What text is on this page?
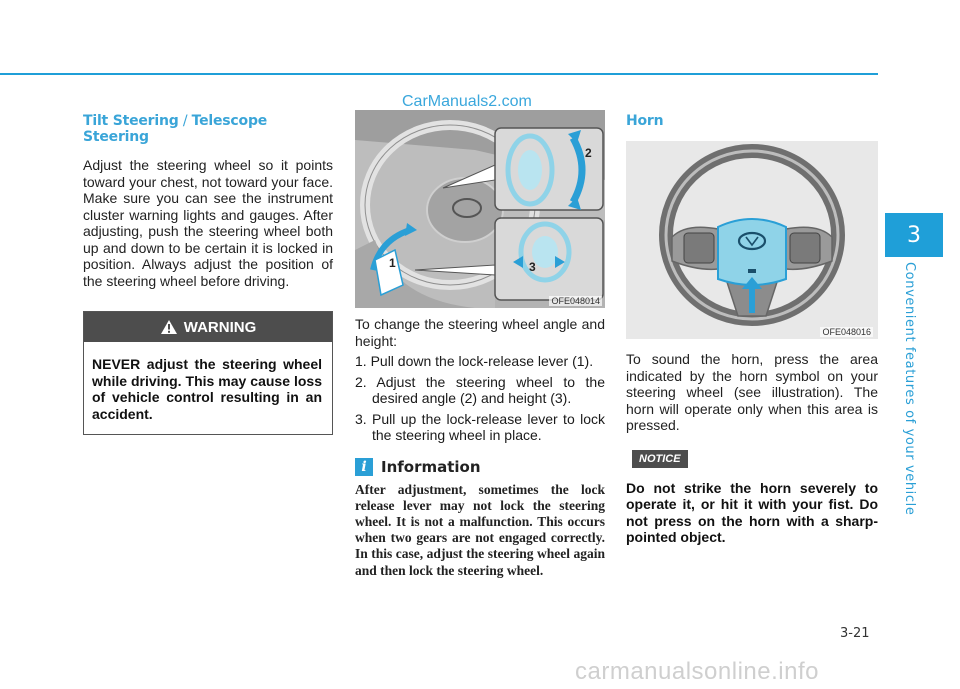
CarManuals2.com
Tilt Steering / Telescope Steering

Adjust the steering wheel so it points toward your chest, not toward your face. Make sure you can see the instrument cluster warning lights and gauges. After adjusting, push the steering wheel both up and down to be certain it is locked in position. Always adjust the position of the steering wheel before driving.

WARNING
NEVER adjust the steering wheel while driving. This may cause loss of vehicle control resulting in an accident.
1
2
3
OFE048014

To change the steering wheel angle and height:

1. Pull down the lock-release lever (1).
2. Adjust the steering wheel to the desired angle (2) and height (3).
3. Pull up the lock-release lever to lock the steering wheel in place.
i Information

After adjustment, sometimes the lock release lever may not lock the steering wheel. It is not a malfunction. This occurs when two gears are not engaged correctly. In this case, adjust the steering wheel again and then lock the steering wheel.

Horn
OFE048016

To sound the horn, press the area indicated by the horn symbol on your steering wheel (see illustration). The horn will operate only when this area is pressed.

NOTICE

Do not strike the horn severely to operate it, or hit it with your fist. Do not press on the horn with a sharp-pointed object.

3
Convenient features of your vehicle
3-21
carmanualsonline.info
